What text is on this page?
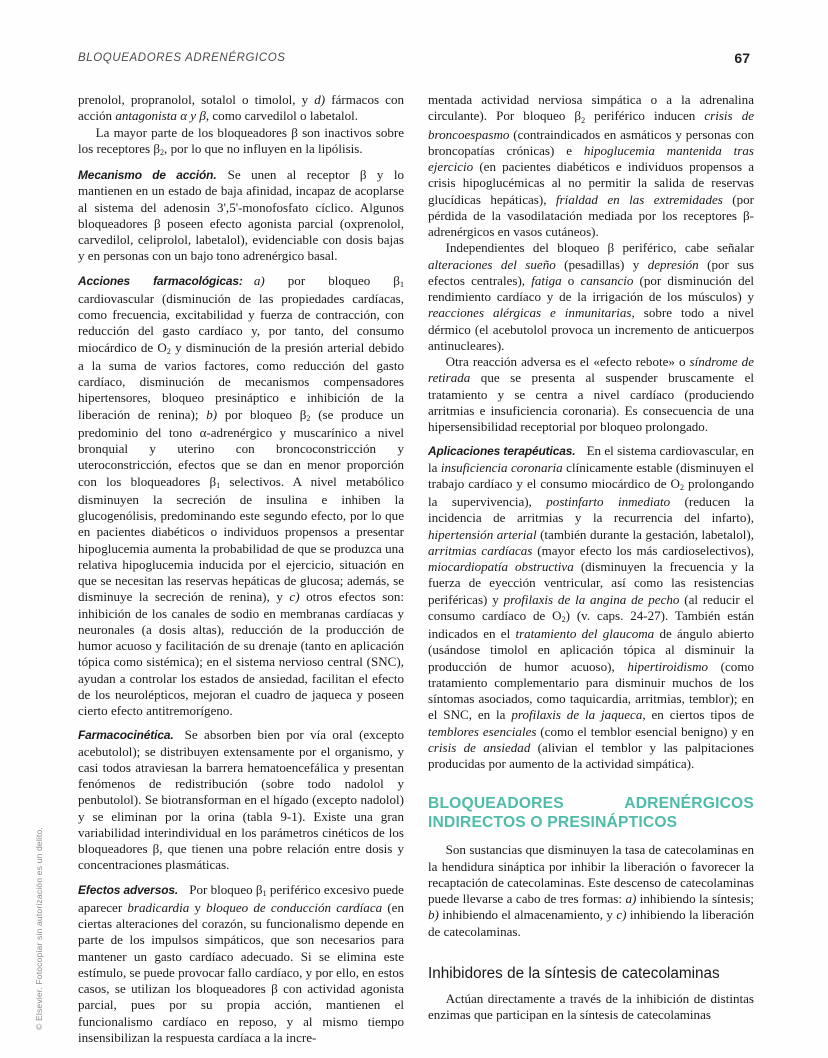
BLOQUEADORES ADRENÉRGICOS	67

prenolol, propranolol, sotalol o timolol, y d) fármacos con acción antagonista α y β, como carvedilol o labetalol.

La mayor parte de los bloqueadores β son inactivos sobre los receptores $\beta_2$, por lo que no influyen en la lipólisis.

Mecanismo de acción. Se unen al receptor β y lo mantienen en un estado de baja afinidad, incapaz de acoplarse al sistema del adenosin 3',5'-monofosfato cíclico. Algunos bloqueadores β poseen efecto agonista parcial (oxprenolol, carvedilol, celiprolol, labetalol), evidenciable con dosis bajas y en personas con un bajo tono adrenérgico basal.

Acciones farmacológicas: a) por bloqueo $\beta_1$ cardiovascular (disminución de las propiedades cardíacas, como frecuencia, excitabilidad y fuerza de contracción, con reducción del gasto cardíaco y, por tanto, del consumo miocárdico de $O_2$ y disminución de la presión arterial debido a la suma de varios factores, como reducción del gasto cardíaco, disminución de mecanismos compensadores hipertensores, bloqueo presináptico e inhibición de la liberación de renina); b) por bloqueo $\beta_2$ (se produce un predominio del tono α-adrenérgico y muscarínico a nivel bronquial y uterino con broncoconstricción y uteroconstricción, efectos que se dan en menor proporción con los bloqueadores $\beta_1$ selectivos. A nivel metabólico disminuyen la secreción de insulina e inhiben la glucogenólisis, predominando este segundo efecto, por lo que en pacientes diabéticos o individuos propensos a presentar hipoglucemia aumenta la probabilidad de que se produzca una relativa hipoglucemia inducida por el ejercicio, situación en que se necesitan las reservas hepáticas de glucosa; además, se disminuye la secreción de renina), y c) otros efectos son: inhibición de los canales de sodio en membranas cardíacas y neuronales (a dosis altas), reducción de la producción de humor acuoso y facilitación de su drenaje (tanto en aplicación tópica como sistémica); en el sistema nervioso central (SNC), ayudan a controlar los estados de ansiedad, facilitan el efecto de los neurolépticos, mejoran el cuadro de jaqueca y poseen cierto efecto antitremorígeno.

Farmacocinética. Se absorben bien por vía oral (excepto acebutolol); se distribuyen extensamente por el organismo, y casi todos atraviesan la barrera hematoencefálica y presentan fenómenos de redistribución (sobre todo nadolol y penbutolol). Se biotransforman en el hígado (excepto nadolol) y se eliminan por la orina (tabla 9-1). Existe una gran variabilidad interindividual en los parámetros cinéticos de los bloqueadores β, que tienen una pobre relación entre dosis y concentraciones plasmáticas.

Efectos adversos. Por bloqueo $\beta_1$ periférico excesivo puede aparecer bradicardia y bloqueo de conducción cardíaca (en ciertas alteraciones del corazón, su funcionalismo depende en parte de los impulsos simpáticos, que son necesarios para mantener un gasto cardíaco adecuado. Si se elimina este estímulo, se puede provocar fallo cardíaco, y por ello, en estos casos, se utilizan los bloqueadores β con actividad agonista parcial, pues por su propia acción, mantienen el funcionalismo cardíaco en reposo, y al mismo tiempo insensibilizan la respuesta cardíaca a la incre-

mentada actividad nerviosa simpática o a la adrenalina circulante). Por bloqueo $\beta_2$ periférico inducen crisis de broncoespasmo (contraindicados en asmáticos y personas con broncopatías crónicas) e hipoglucemia mantenida tras ejercicio (en pacientes diabéticos e individuos propensos a crisis hipoglucémicas al no permitir la salida de reservas glucídicas hepáticas), frialdad en las extremidades (por pérdida de la vasodilatación mediada por los receptores β-adrenérgicos en vasos cutáneos).

Independientes del bloqueo β periférico, cabe señalar alteraciones del sueño (pesadillas) y depresión (por sus efectos centrales), fatiga o cansancio (por disminución del rendimiento cardíaco y de la irrigación de los músculos) y reacciones alérgicas e inmunitarias, sobre todo a nivel dérmico (el acebutolol provoca un incremento de anticuerpos antinucleares).

Otra reacción adversa es el «efecto rebote» o síndrome de retirada que se presenta al suspender bruscamente el tratamiento y se centra a nivel cardíaco (produciendo arritmias e insuficiencia coronaria). Es consecuencia de una hipersensibilidad receptorial por bloqueo prolongado.

Aplicaciones terapéuticas. En el sistema cardiovascular, en la insuficiencia coronaria clínicamente estable (disminuyen el trabajo cardíaco y el consumo miocárdico de $O_2$ prolongando la supervivencia), postinfarto inmediato (reducen la incidencia de arritmias y la recurrencia del infarto), hipertensión arterial (también durante la gestación, labetalol), arritmias cardíacas (mayor efecto los más cardioselectivos), miocardiopatía obstructiva (disminuyen la frecuencia y la fuerza de eyección ventricular, así como las resistencias periféricas) y profilaxis de la angina de pecho (al reducir el consumo cardíaco de $O_2$) (v. caps. 24-27). También están indicados en el tratamiento del glaucoma de ángulo abierto (usándose timolol en aplicación tópica al disminuir la producción de humor acuoso), hipertiroidismo (como tratamiento complementario para disminuir muchos de los síntomas asociados, como taquicardia, arritmias, temblor); en el SNC, en la profilaxis de la jaqueca, en ciertos tipos de temblores esenciales (como el temblor esencial benigno) y en crisis de ansiedad (alivian el temblor y las palpitaciones producidas por aumento de la actividad simpática).

BLOQUEADORES ADRENÉRGICOS INDIRECTOS O PRESINÁPTICOS

Son sustancias que disminuyen la tasa de catecolaminas en la hendidura sináptica por inhibir la liberación o favorecer la recaptación de catecolaminas. Este descenso de catecolaminas puede llevarse a cabo de tres formas: a) inhibiendo la síntesis; b) inhibiendo el almacenamiento, y c) inhibiendo la liberación de catecolaminas.

Inhibidores de la síntesis de catecolaminas

Actúan directamente a través de la inhibición de distintas enzimas que participan en la síntesis de catecolaminas

© Elsevier. Fotocopiar sin autorización es un delito.
